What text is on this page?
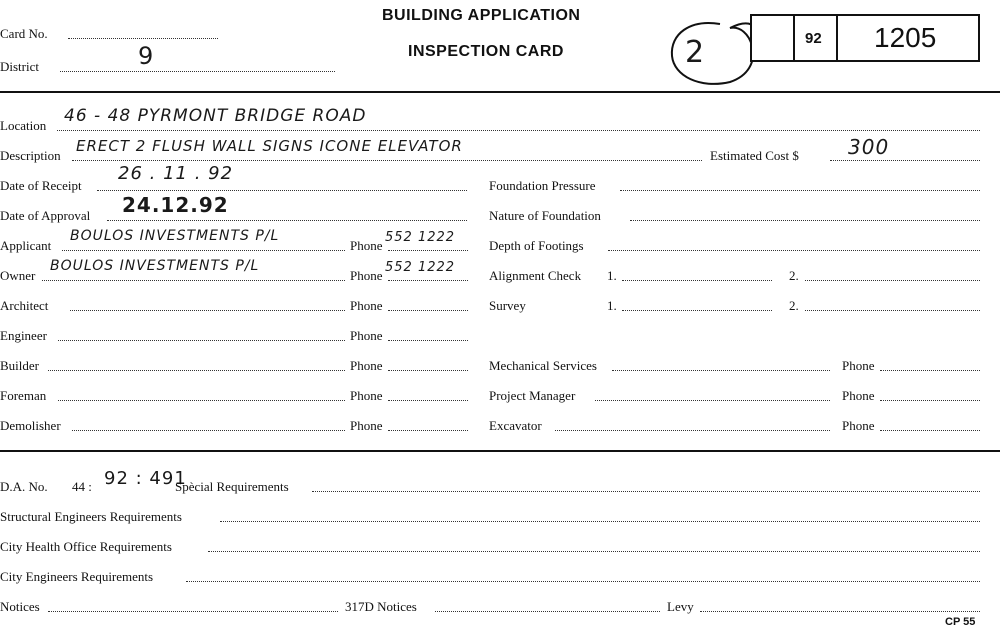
Card No.
District	9
BUILDING APPLICATION
INSPECTION CARD	2	92 1205
Location 46 - 48 PYRMONT BRIDGE ROAD
Description
ERECT 2 FLUSH WALL SIGNS ICONE ELEVATOR
Estimated Cost $ 300
Date of Receipt
26 . 11 . 92
Date of Approval 24.12.92
Applicant
BOULOS INVESTMENTS P/L
Phone
552 1222
Owner
BOULOS INVESTMENTS P/L
Phone
552 1222
Architect	Phone
Engineer	Phone
Builder	Phone
Foreman	Phone
Demolisher	Phone
Foundation Pressure
Nature of Foundation
Depth of Footings
Alignment Check 1.	2.
Survey	1.	2.
Mechanical Services	Phone
Project Manager	Phone
Excavator	Phone
D.A. No. 44 : 92 : 491
Spècial Requirements
Structural Engineers Requirements
City Health Office Requirements
City Engineers Requirements
Notices	317D Notices	Levy
CP 55
